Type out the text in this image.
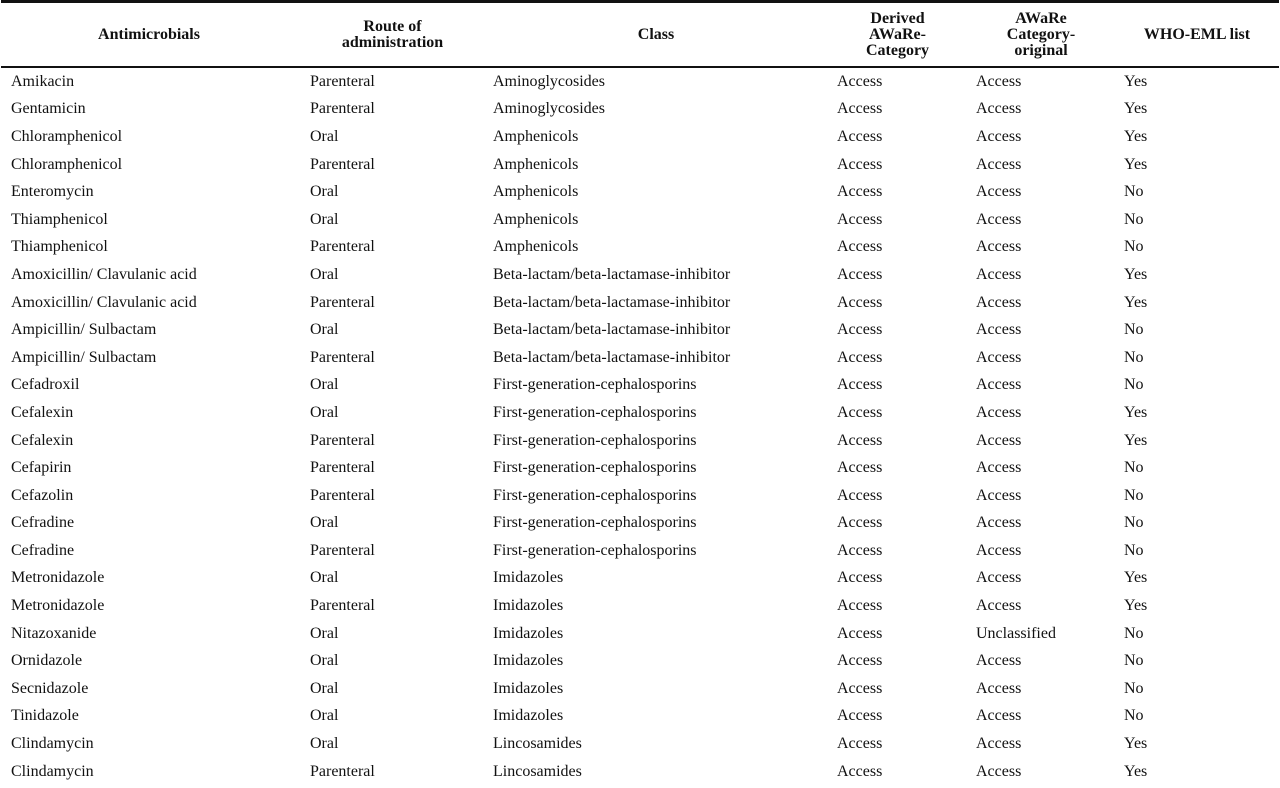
Antimicrobials	Route of administration	Class	Derived AWaRe-Category	AWaRe Category-original	WHO-EML list
Amikacin	Parenteral	Aminoglycosides	Access	Access	Yes
Gentamicin	Parenteral	Aminoglycosides	Access	Access	Yes
Chloramphenicol	Oral	Amphenicols	Access	Access	Yes
Chloramphenicol	Parenteral	Amphenicols	Access	Access	Yes
Enteromycin	Oral	Amphenicols	Access	Access	No
Thiamphenicol	Oral	Amphenicols	Access	Access	No
Thiamphenicol	Parenteral	Amphenicols	Access	Access	No
Amoxicillin/ Clavulanic acid	Oral	Beta-lactam/beta-lactamase-inhibitor	Access	Access	Yes
Amoxicillin/ Clavulanic acid	Parenteral	Beta-lactam/beta-lactamase-inhibitor	Access	Access	Yes
Ampicillin/ Sulbactam	Oral	Beta-lactam/beta-lactamase-inhibitor	Access	Access	No
Ampicillin/ Sulbactam	Parenteral	Beta-lactam/beta-lactamase-inhibitor	Access	Access	No
Cefadroxil	Oral	First-generation-cephalosporins	Access	Access	No
Cefalexin	Oral	First-generation-cephalosporins	Access	Access	Yes
Cefalexin	Parenteral	First-generation-cephalosporins	Access	Access	Yes
Cefapirin	Parenteral	First-generation-cephalosporins	Access	Access	No
Cefazolin	Parenteral	First-generation-cephalosporins	Access	Access	No
Cefradine	Oral	First-generation-cephalosporins	Access	Access	No
Cefradine	Parenteral	First-generation-cephalosporins	Access	Access	No
Metronidazole	Oral	Imidazoles	Access	Access	Yes
Metronidazole	Parenteral	Imidazoles	Access	Access	Yes
Nitazoxanide	Oral	Imidazoles	Access	Unclassified	No
Ornidazole	Oral	Imidazoles	Access	Access	No
Secnidazole	Oral	Imidazoles	Access	Access	No
Tinidazole	Oral	Imidazoles	Access	Access	No
Clindamycin	Oral	Lincosamides	Access	Access	Yes
Clindamycin	Parenteral	Lincosamides	Access	Access	Yes
